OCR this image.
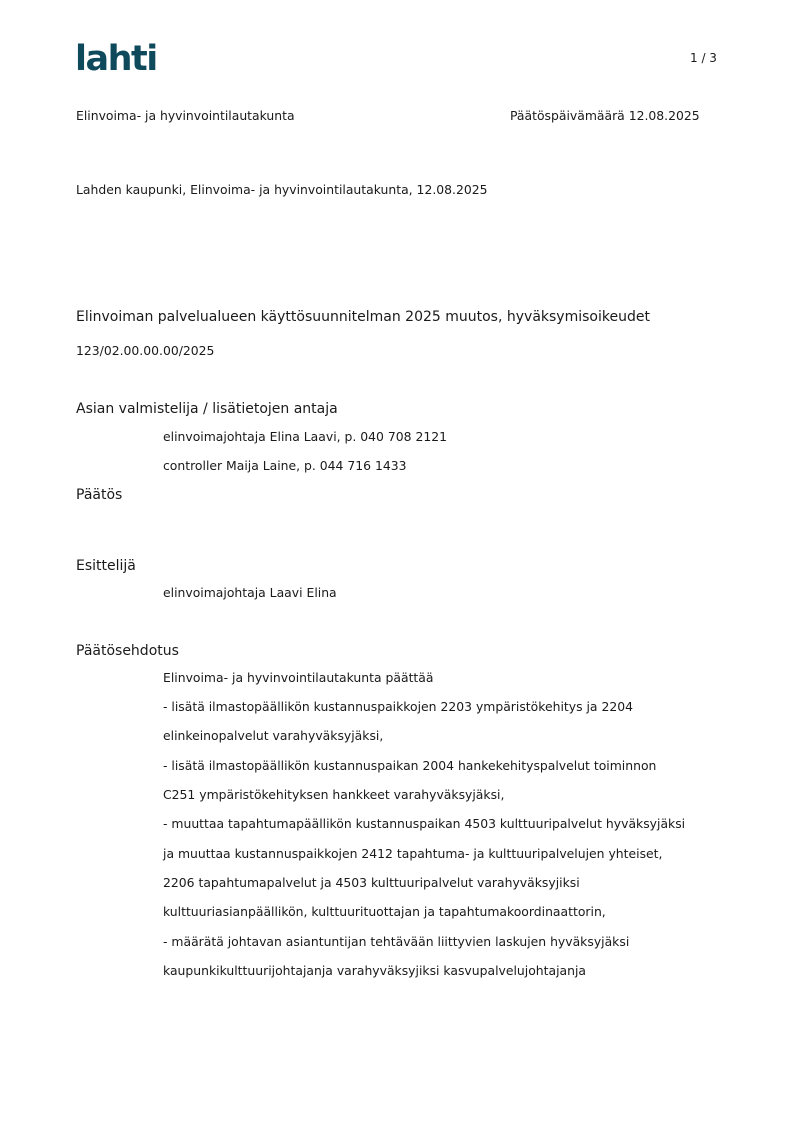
lahti	1 / 3
Elinvoima- ja hyvinvointilautakunta	Päätöspäivämäärä 12.08.2025
Lahden kaupunki, Elinvoima- ja hyvinvointilautakunta, 12.08.2025
Elinvoiman palvelualueen käyttösuunnitelman 2025 muutos, hyväksymisoikeudet
123/02.00.00.00/2025
Asian valmistelija / lisätietojen antaja
elinvoimajohtaja Elina Laavi, p. 040 708 2121
controller Maija Laine, p. 044 716 1433
Päätös
Esittelijä
elinvoimajohtaja Laavi Elina
Päätösehdotus
Elinvoima- ja hyvinvointilautakunta päättää
- lisätä ilmastopäällikön kustannuspaikkojen 2203 ympäristökehitys ja 2204
elinkeinopalvelut varahyväksyjäksi,
- lisätä ilmastopäällikön kustannuspaikan 2004 hankekehityspalvelut toiminnon
C251 ympäristökehityksen hankkeet varahyväksyjäksi,
- muuttaa tapahtumapäällikön kustannuspaikan 4503 kulttuuripalvelut hyväksyjäksi
ja muuttaa kustannuspaikkojen 2412 tapahtuma- ja kulttuuripalvelujen yhteiset,
2206 tapahtumapalvelut ja 4503 kulttuuripalvelut varahyväksyjiksi
kulttuuriasianpäällikön, kulttuurituottajan ja tapahtumakoordinaattorin,
- määrätä johtavan asiantuntijan tehtävään liittyvien laskujen hyväksyjäksi
kaupunkikulttuurijohtajanja varahyväksyjiksi kasvupalvelujohtajanja
